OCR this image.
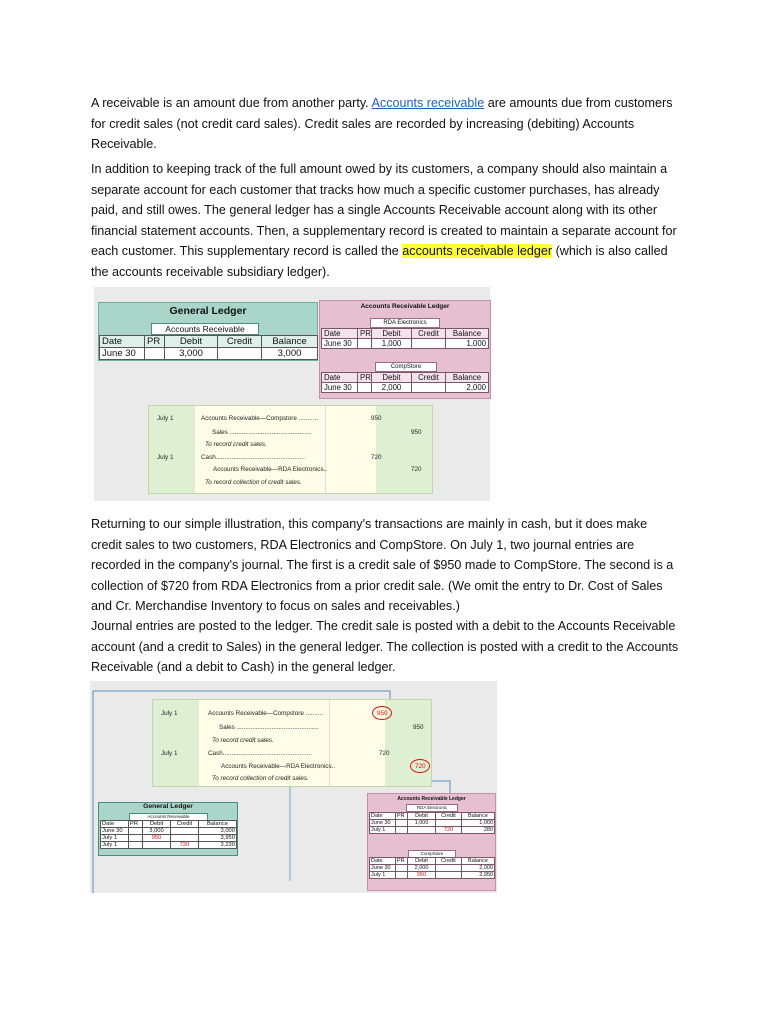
A receivable is an amount due from another party. Accounts receivable are amounts due from customers for credit sales (not credit card sales). Credit sales are recorded by increasing (debiting) Accounts Receivable.

In addition to keeping track of the full amount owed by its customers, a company should also maintain a separate account for each customer that tracks how much a specific customer purchases, has already paid, and still owes. The general ledger has a single Accounts Receivable account along with its other financial statement accounts. Then, a supplementary record is created to maintain a separate account for each customer. This supplementary record is called the accounts receivable ledger (which is also called the accounts receivable subsidiary ledger).

General Ledger
Accounts Receivable
Date	PR	Debit	Credit	Balance
June 30		3,000		3,000
Accounts Receivable Ledger
RDA Electronics
Date	PR	Debit	Credit	Balance
June 30		1,000		1,000
CompStore
Date	PR	Debit	Credit	Balance
June 30		2,000		2,000
July 1	Accounts Receivable—Compstore ...........	950
Sales ...............................................	950
To record credit sales.
July 1	Cash...................................................	720
Accounts Receivable—RDA Electronics..	720
To record collection of credit sales.

Returning to our simple illustration, this company's transactions are mainly in cash, but it does make credit sales to two customers, RDA Electronics and CompStore. On July 1, two journal entries are recorded in the company's journal. The first is a credit sale of $950 made to CompStore. The second is a collection of $720 from RDA Electronics from a prior credit sale. (We omit the entry to Dr. Cost of Sales and Cr. Merchandise Inventory to focus on sales and receivables.)

Journal entries are posted to the ledger. The credit sale is posted with a debit to the Accounts Receivable account (and a credit to Sales) in the general ledger. The collection is posted with a credit to the Accounts Receivable (and a debit to Cash) in the general ledger.

July 1	Accounts Receivable—Compstore ..........	950
Sales ...............................................	950
To record credit sales.
July 1	Cash...................................................	720
Accounts Receivable—RDA Electronics..	720
To record collection of credit sales.
General Ledger
Accounts Receivable
Date	PR	Debit	Credit	Balance
June 30		3,000		3,000
July 1		950		3,950
July 1			720	3,230
Accounts Receivable Ledger
RDA Electronic
Date	PR	Debit	Credit	Balance
June 30		1,000		1,000
July 1			720	280
CompStore
Date	PR	Debit	Credit	Balance
June 30		2,000		2,000
July 1		950		2,950
